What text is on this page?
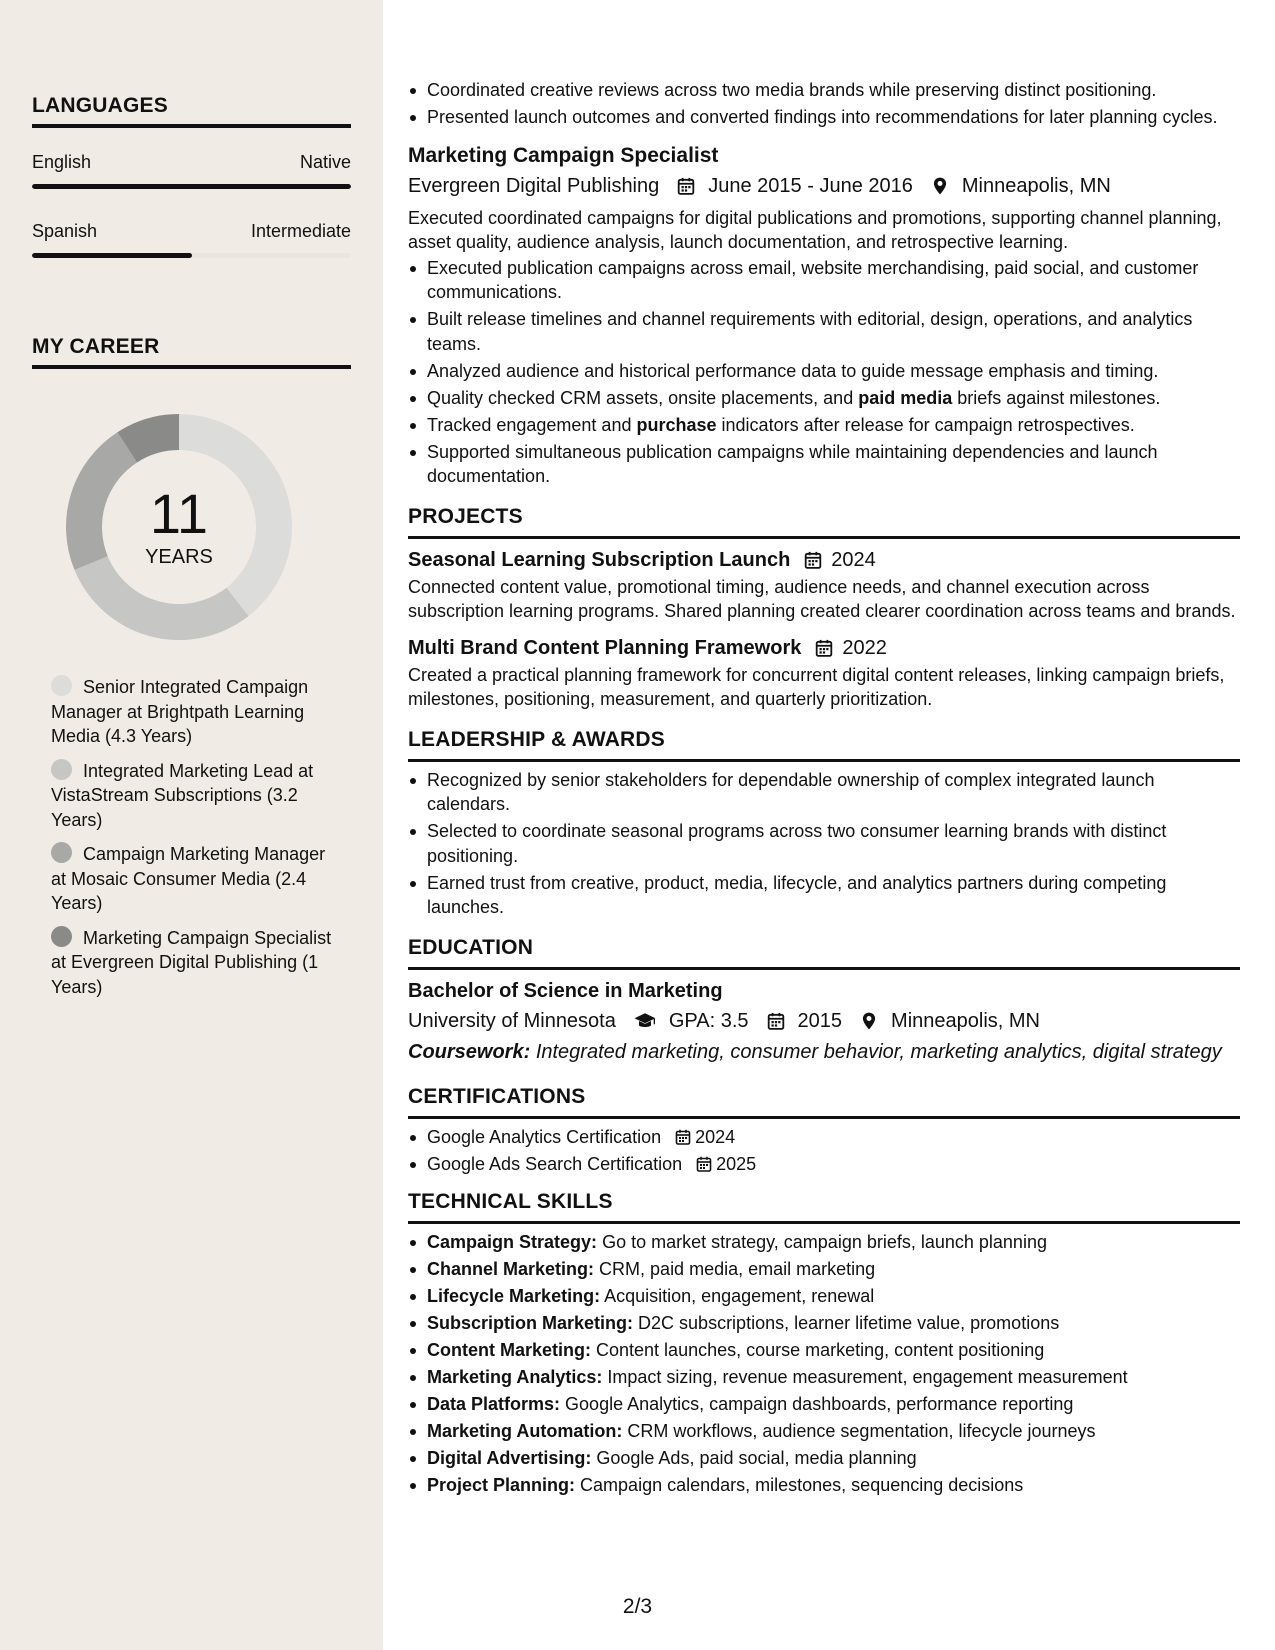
LANGUAGES
English	Native
Spanish	Intermediate
MY CAREER
11
YEARS
Senior Integrated Campaign Manager at Brightpath Learning Media (4.3 Years)
Integrated Marketing Lead at VistaStream Subscriptions (3.2 Years)
Campaign Marketing Manager at Mosaic Consumer Media (2.4 Years)
Marketing Campaign Specialist at Evergreen Digital Publishing (1 Years)
Coordinated creative reviews across two media brands while preserving distinct positioning.
Presented launch outcomes and converted findings into recommendations for later planning cycles.
Marketing Campaign Specialist
Evergreen Digital Publishing June 2015 - June 2016 Minneapolis, MN

Executed coordinated campaigns for digital publications and promotions, supporting channel planning, asset quality, audience analysis, launch documentation, and retrospective learning.

Executed publication campaigns across email, website merchandising, paid social, and customer communications.
Built release timelines and channel requirements with editorial, design, operations, and analytics teams.
Analyzed audience and historical performance data to guide message emphasis and timing.
Quality checked CRM assets, onsite placements, and paid media briefs against milestones.
Tracked engagement and purchase indicators after release for campaign retrospectives.
Supported simultaneous publication campaigns while maintaining dependencies and launch documentation.
PROJECTS
Seasonal Learning Subscription Launch 2024

Connected content value, promotional timing, audience needs, and channel execution across subscription learning programs. Shared planning created clearer coordination across teams and brands.

Multi Brand Content Planning Framework 2022

Created a practical planning framework for concurrent digital content releases, linking campaign briefs, milestones, positioning, measurement, and quarterly prioritization.

LEADERSHIP & AWARDS
Recognized by senior stakeholders for dependable ownership of complex integrated launch calendars.
Selected to coordinate seasonal programs across two consumer learning brands with distinct positioning.
Earned trust from creative, product, media, lifecycle, and analytics partners during competing launches.
EDUCATION
Bachelor of Science in Marketing
University of Minnesota	GPA: 3.5 2015 Minneapolis, MN
Coursework: Integrated marketing, consumer behavior, marketing analytics, digital strategy
CERTIFICATIONS
Google Analytics Certification 2024
Google Ads Search Certification 2025
TECHNICAL SKILLS
Campaign Strategy: Go to market strategy, campaign briefs, launch planning
Channel Marketing: CRM, paid media, email marketing
Lifecycle Marketing: Acquisition, engagement, renewal
Subscription Marketing: D2C subscriptions, learner lifetime value, promotions
Content Marketing: Content launches, course marketing, content positioning
Marketing Analytics: Impact sizing, revenue measurement, engagement measurement
Data Platforms: Google Analytics, campaign dashboards, performance reporting
Marketing Automation: CRM workflows, audience segmentation, lifecycle journeys
Digital Advertising: Google Ads, paid social, media planning
Project Planning: Campaign calendars, milestones, sequencing decisions
2/3
